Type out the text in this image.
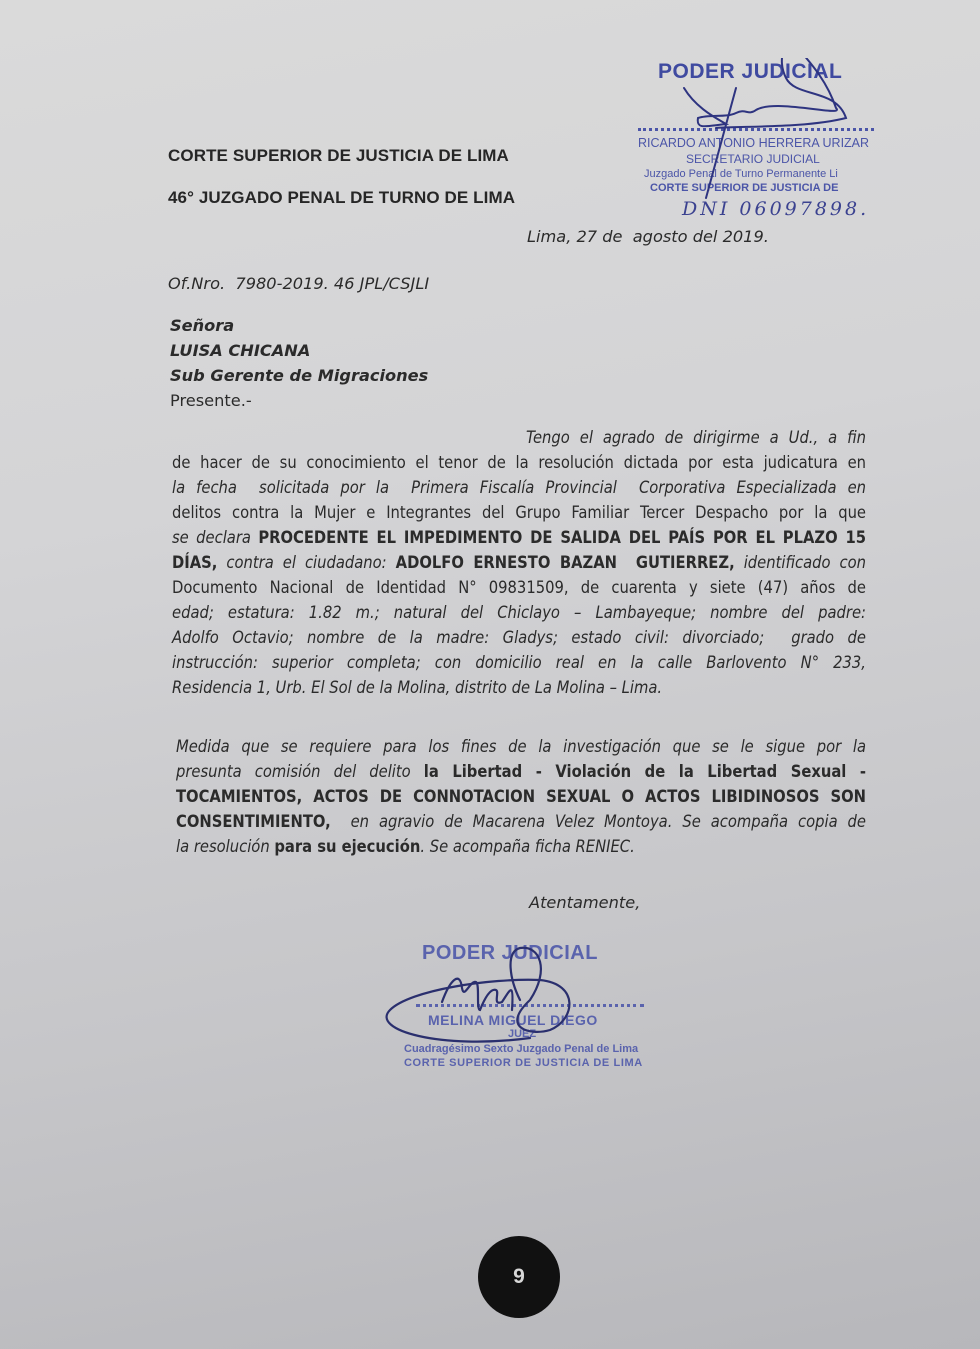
PODER JUDICIAL
RICARDO ANTONIO HERRERA URIZAR
SECRETARIO JUDICIAL
Juzgado Penal de Turno Permanente Li
CORTE SUPERIOR DE JUSTICIA DE
DNI 06097898.
CORTE SUPERIOR DE JUSTICIA DE LIMA
46° JUZGADO PENAL DE TURNO DE LIMA
Lima, 27 de  agosto del 2019.
Of.Nro.  7980-2019. 46 JPL/CSJLI
Señora
LUISA CHICANA
Sub Gerente de Migraciones
Presente.-
Tengo el agrado de dirigirme a Ud., a fin
de hacer de su conocimiento el tenor de la resolución dictada por esta judicatura en
la fecha  solicitada por la  Primera Fiscalía Provincial  Corporativa Especializada en
delitos contra la Mujer e Integrantes del Grupo Familiar Tercer Despacho por la que
se declara PROCEDENTE EL IMPEDIMENTO DE SALIDA DEL PAÍS POR EL PLAZO 15
DÍAS, contra el ciudadano: ADOLFO ERNESTO BAZAN  GUTIERREZ, identificado con
Documento Nacional de Identidad N° 09831509, de cuarenta y siete (47) años de
edad; estatura: 1.82 m.; natural del Chiclayo – Lambayeque; nombre del padre:
Adolfo Octavio; nombre de la madre: Gladys; estado civil: divorciado;  grado de
instrucción: superior completa; con domicilio real en la calle Barlovento N° 233,
Residencia 1, Urb. El Sol de la Molina, distrito de La Molina – Lima.
Medida que se requiere para los fines de la investigación que se le sigue por la
presunta comisión del delito la Libertad - Violación de la Libertad Sexual -
TOCAMIENTOS, ACTOS DE CONNOTACION SEXUAL O ACTOS LIBIDINOSOS SON
CONSENTIMIENTO,  en agravio de Macarena Velez Montoya. Se acompaña copia de
la resolución para su ejecución. Se acompaña ficha RENIEC.
Atentamente,
PODER JUDICIAL
MELINA MIGUEL DIEGO
JUEZ
Cuadragésimo Sexto Juzgado Penal de Lima
CORTE SUPERIOR DE JUSTICIA DE LIMA
9
